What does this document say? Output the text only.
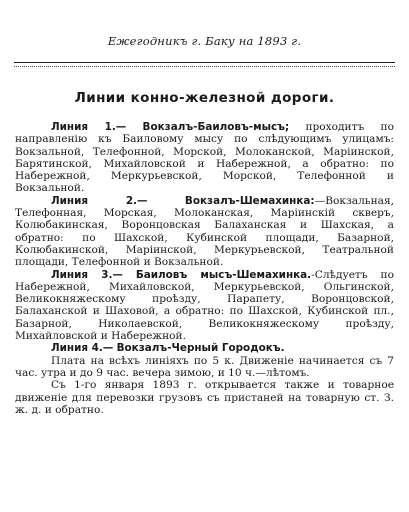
Ежегодникъ г. Баку на 1893 г.
Линии конно-железной дороги.

Линия 1.— Вокзалъ-Баиловъ-мысъ; проходитъ по направленію къ Баиловому мысу по слѣдующимъ улицамъ: Вокзальной, Телефонной, Морской, Молоканской, Маріинской, Барятинской, Михайловской и Набережной, а обратно: по Набережной, Меркурьевской, Морской, Телефонной и Вокзальной.

Линия 2.—	Вокзалъ-Шемахинка:—Вокзальная, Телефонная, Морская, Молоканская, Маріинскій скверъ, Колюбакинская, Воронцовская Балаханская и Шахская, а обратно: по Шахской, Кубинской площади, Базарной, Колюбакинской, Маріинской, Меркурьевской, Театральной площади, Телефонной и Вокзальной.

Линия 3.— Баиловъ мысъ-Шемахинка.-Слѣдуетъ по Набережной, Михайловской, Меркурьевской, Ольгинской, Великокняжескому проѣзду, Парапету, Воронцовской, Балаханской и Шаховой, а обратно: по Шахской, Кубинской пл., Базарной, Николаевской, Великокняжескому проѣзду, Михайловской и Набережной.

Линия 4.— Вокзалъ-Черный Городокъ.

Плата на всѣхъ линіяхъ по 5 к. Движеніе начинается съ 7 час. утра и до 9 час. вечера зимою, и 10 ч.—лѣтомъ.

Съ 1-го января 1893 г. открывается также и товарное движеніе для перевозки грузовъ съ пристаней на товарную ст. З. ж. д. и обратно.
